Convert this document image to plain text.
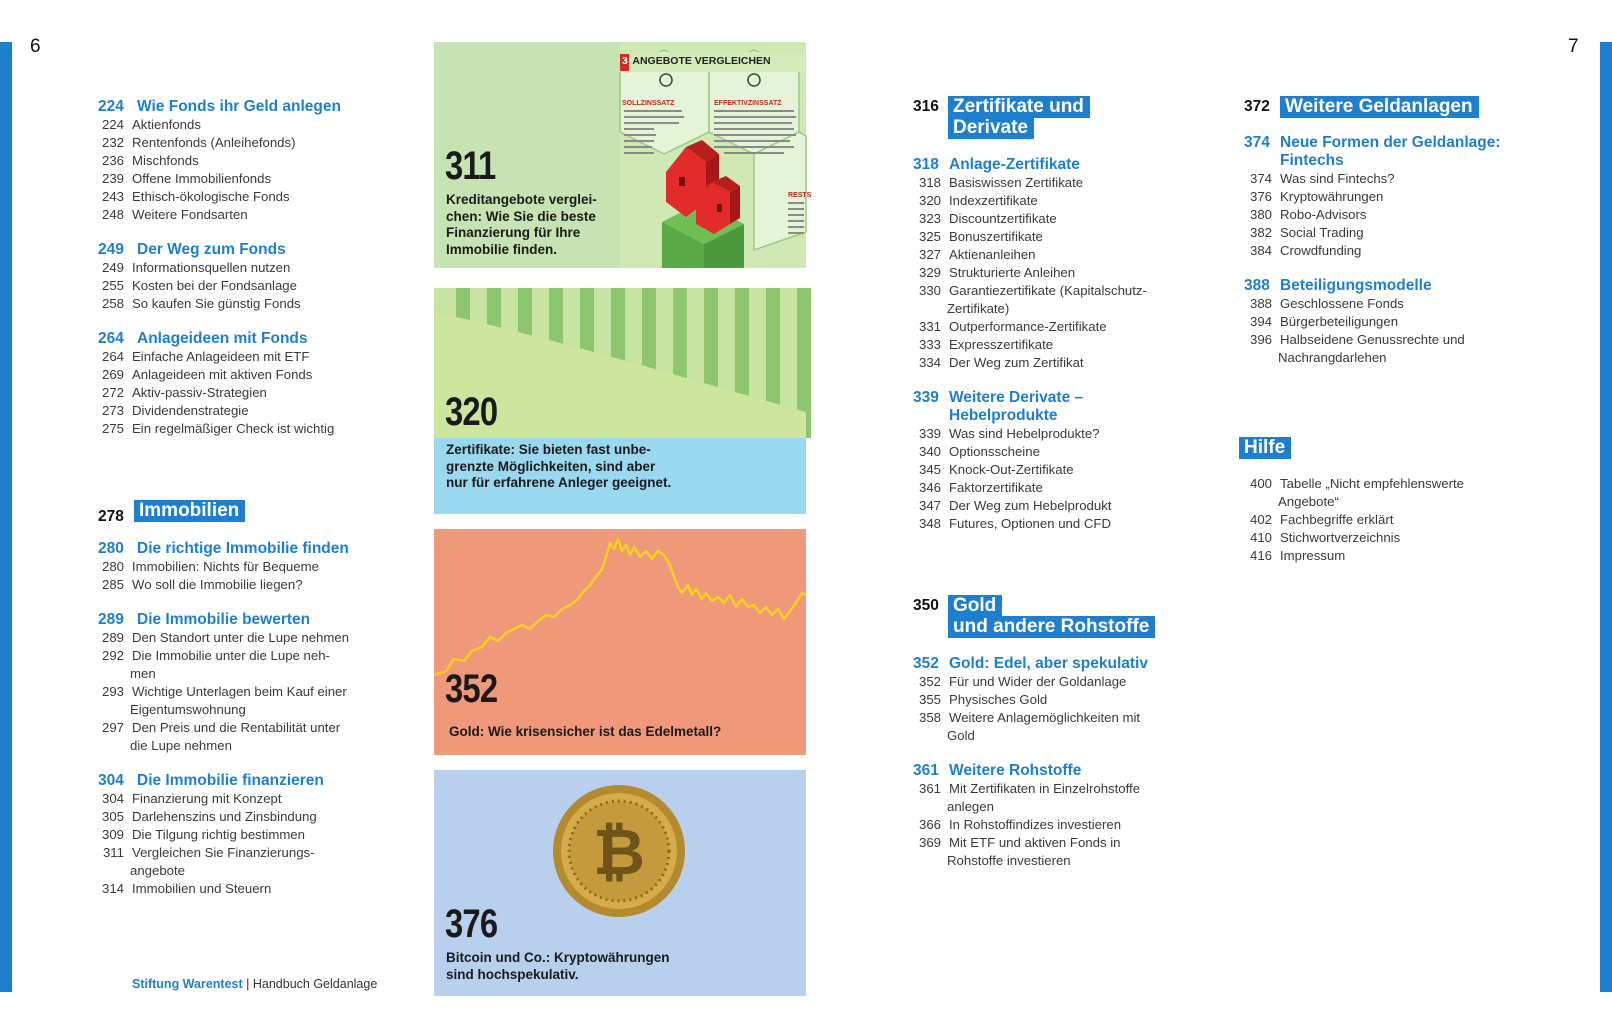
6	7
224 Wie Fonds ihr Geld anlegen
224 Aktienfonds
232 Rentenfonds (Anleihefonds)
236 Mischfonds
239 Offene Immobilienfonds
243 Ethisch-ökologische Fonds
248 Weitere Fondsarten
249 Der Weg zum Fonds
249 Informationsquellen nutzen
255 Kosten bei der Fondsanlage
258 So kaufen Sie günstig Fonds
264 Anlageideen mit Fonds
264 Einfache Anlageideen mit ETF
269 Anlageideen mit aktiven Fonds
272 Aktiv-passiv-Strategien
273 Dividendenstrategie
275 Ein regelmäßiger Check ist wichtig
278 Immobilien
280 Die richtige Immobilie finden
280 Immobilien: Nichts für Bequeme
285 Wo soll die Immobilie liegen?
289 Die Immobilie bewerten
289 Den Standort unter die Lupe nehmen
292 Die Immobilie unter die Lupe neh-
men
293 Wichtige Unterlagen beim Kauf einer
Eigentumswohnung
297 Den Preis und die Rentabilität unter
die Lupe nehmen
304 Die Immobilie finanzieren
304 Finanzierung mit Konzept
305 Darlehenszins und Zinsbindung
309 Die Tilgung richtig bestimmen
311 Vergleichen Sie Finanzierungs-
angebote
314 Immobilien und Steuern
3 ANGEBOTE VERGLEICHEN
SOLLZINSSATZ	EFFEKTIVZINSSATZ
RESTS
311
Kreditangebote verglei-
chen: Wie Sie die beste
Finanzierung für Ihre
Immobilie finden.
320
Zertifikate: Sie bieten fast unbe-
grenzte Möglichkeiten, sind aber
nur für erfahrene Anleger geeignet.
352
Gold: Wie krisensicher ist das Edelmetall?
₿
376
Bitcoin und Co.: Kryptowährungen
sind hochspekulativ.
316 Zertifikate und
Derivate
318 Anlage-Zertifikate
318 Basiswissen Zertifikate
320 Indexzertifikate
323 Discountzertifikate
325 Bonuszertifikate
327 Aktienanleihen
329 Strukturierte Anleihen
330 Garantiezertifikate (Kapitalschutz-
Zertifikate)
331 Outperformance-Zertifikate
333 Expresszertifikate
334 Der Weg zum Zertifikat
339 Weitere Derivate –
Hebelprodukte
339 Was sind Hebelprodukte?
340 Optionsscheine
345 Knock-Out-Zertifikate
346 Faktorzertifikate
347 Der Weg zum Hebelprodukt
348 Futures, Optionen und CFD
350 Gold
und andere Rohstoffe
352 Gold: Edel, aber spekulativ
352 Für und Wider der Goldanlage
355 Physisches Gold
358 Weitere Anlagemöglichkeiten mit
Gold
361 Weitere Rohstoffe
361 Mit Zertifikaten in Einzelrohstoffe
anlegen
366 In Rohstoffindizes investieren
369 Mit ETF und aktiven Fonds in
Rohstoffe investieren
372 Weitere Geldanlagen
374 Neue Formen der Geldanlage:
Fintechs
374 Was sind Fintechs?
376 Kryptowährungen
380 Robo-Advisors
382 Social Trading
384 Crowdfunding
388 Beteiligungsmodelle
388 Geschlossene Fonds
394 Bürgerbeteiligungen
396 Halbseidene Genussrechte und
Nachrangdarlehen
Hilfe
400 Tabelle „Nicht empfehlenswerte
Angebote“
402 Fachbegriffe erklärt
410 Stichwortverzeichnis
416 Impressum
Stiftung Warentest | Handbuch Geldanlage
